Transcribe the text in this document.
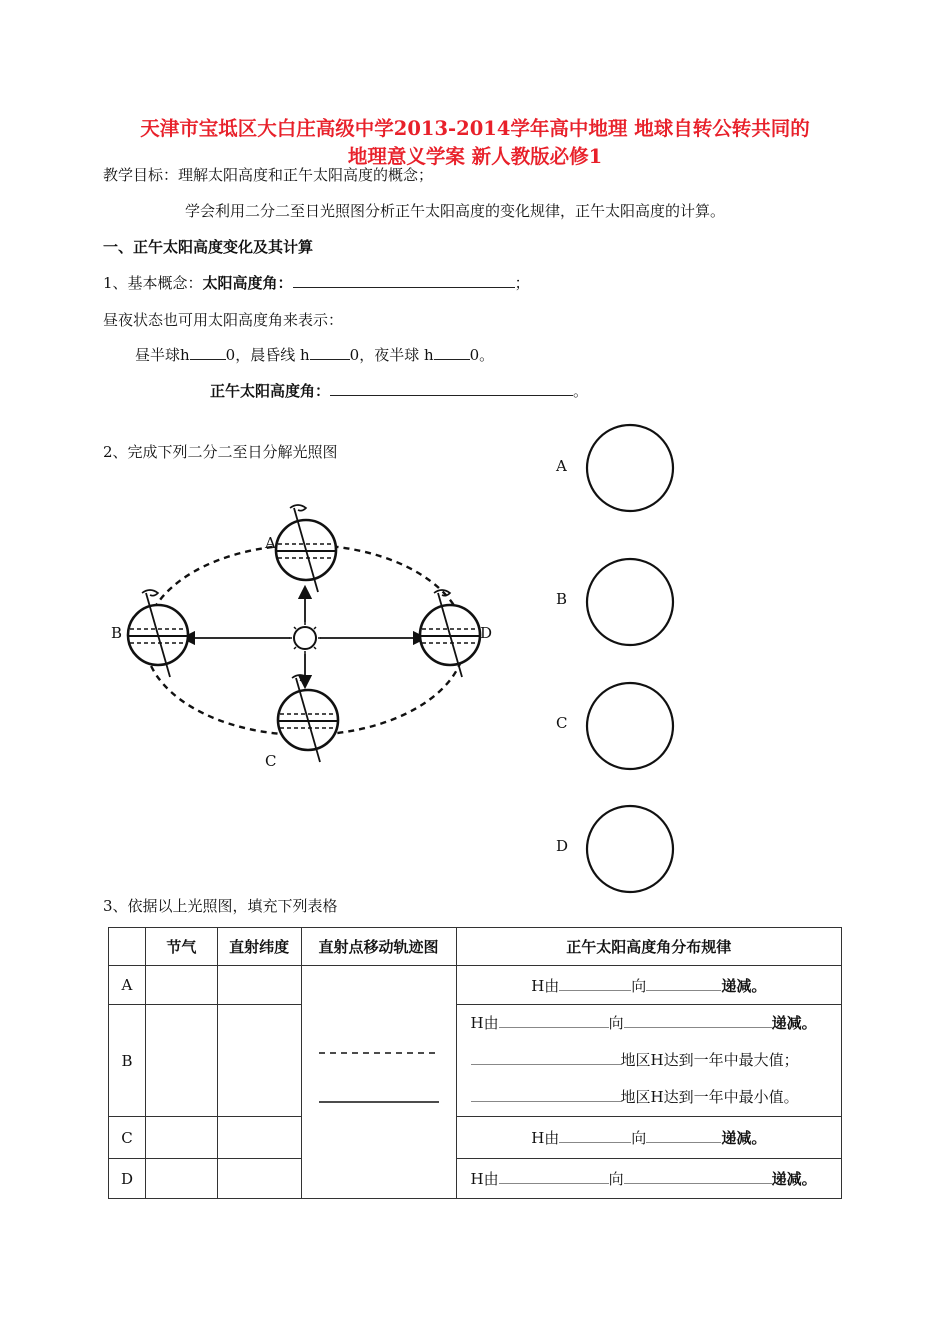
天津市宝坻区大白庄高级中学2013-2014学年高中地理 地球自转公转共同的
地理意义学案 新人教版必修1
教学目标：理解太阳高度和正午太阳高度的概念；
学会利用二分二至日光照图分析正午太阳高度的变化规律，正午太阳高度的计算。
一、正午太阳高度变化及其计算
1、基本概念：太阳高度角：	；
昼夜状态也可用太阳高度角来表示：
昼半球h 0，晨昏线 h	0，夜半球 h 0。
正午太阳高度角：	。
2、完成下列二分二至日分解光照图
A
B	D
C
A
B
C
D
3、依据以上光照图，填充下列表格
	节气	直射纬度	直射点移动轨迹图	正午太阳高度角分布规律
A				H由 向 递减。
B				H由 向 递减。
地区H达到一年中最大值；
地区H达到一年中最小值。

C				H由 向 递减。
D				H由 向 递减。
